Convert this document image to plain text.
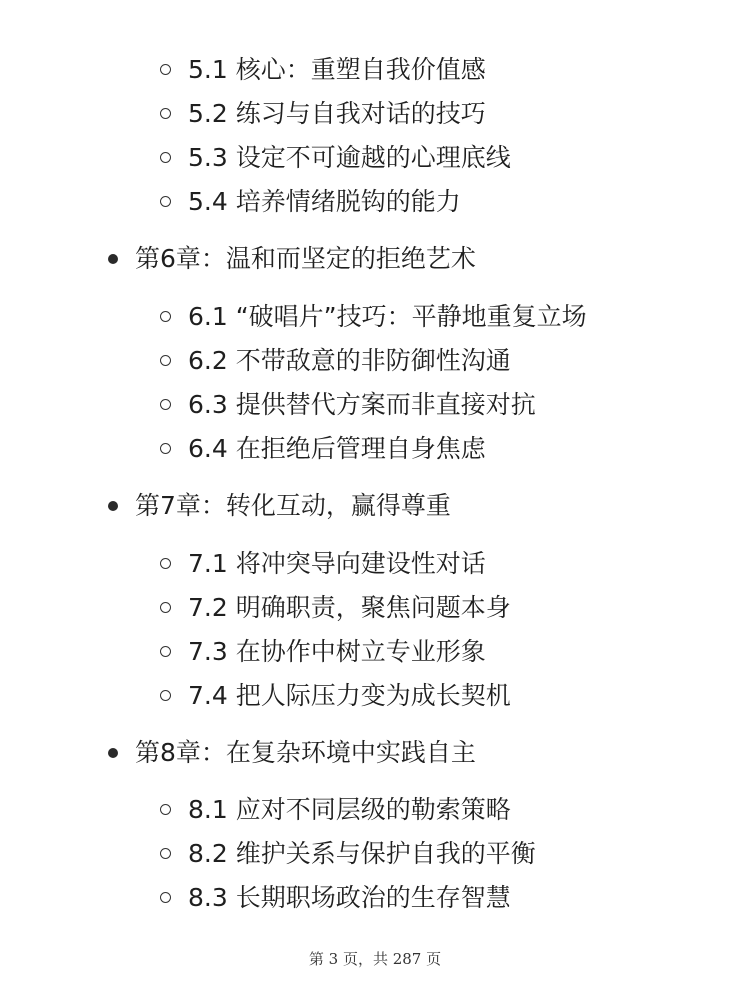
5.1 核心：重塑自我价值感
5.2 练习与自我对话的技巧
5.3 设定不可逾越的心理底线
5.4 培养情绪脱钩的能力
第6章：温和而坚定的拒绝艺术
6.1 “破唱片”技巧：平静地重复立场
6.2 不带敌意的非防御性沟通
6.3 提供替代方案而非直接对抗
6.4 在拒绝后管理自身焦虑
第7章：转化互动，赢得尊重
7.1 将冲突导向建设性对话
7.2 明确职责，聚焦问题本身
7.3 在协作中树立专业形象
7.4 把人际压力变为成长契机
第8章：在复杂环境中实践自主
8.1 应对不同层级的勒索策略
8.2 维护关系与保护自我的平衡
8.3 长期职场政治的生存智慧
第 3 页，共 287 页
